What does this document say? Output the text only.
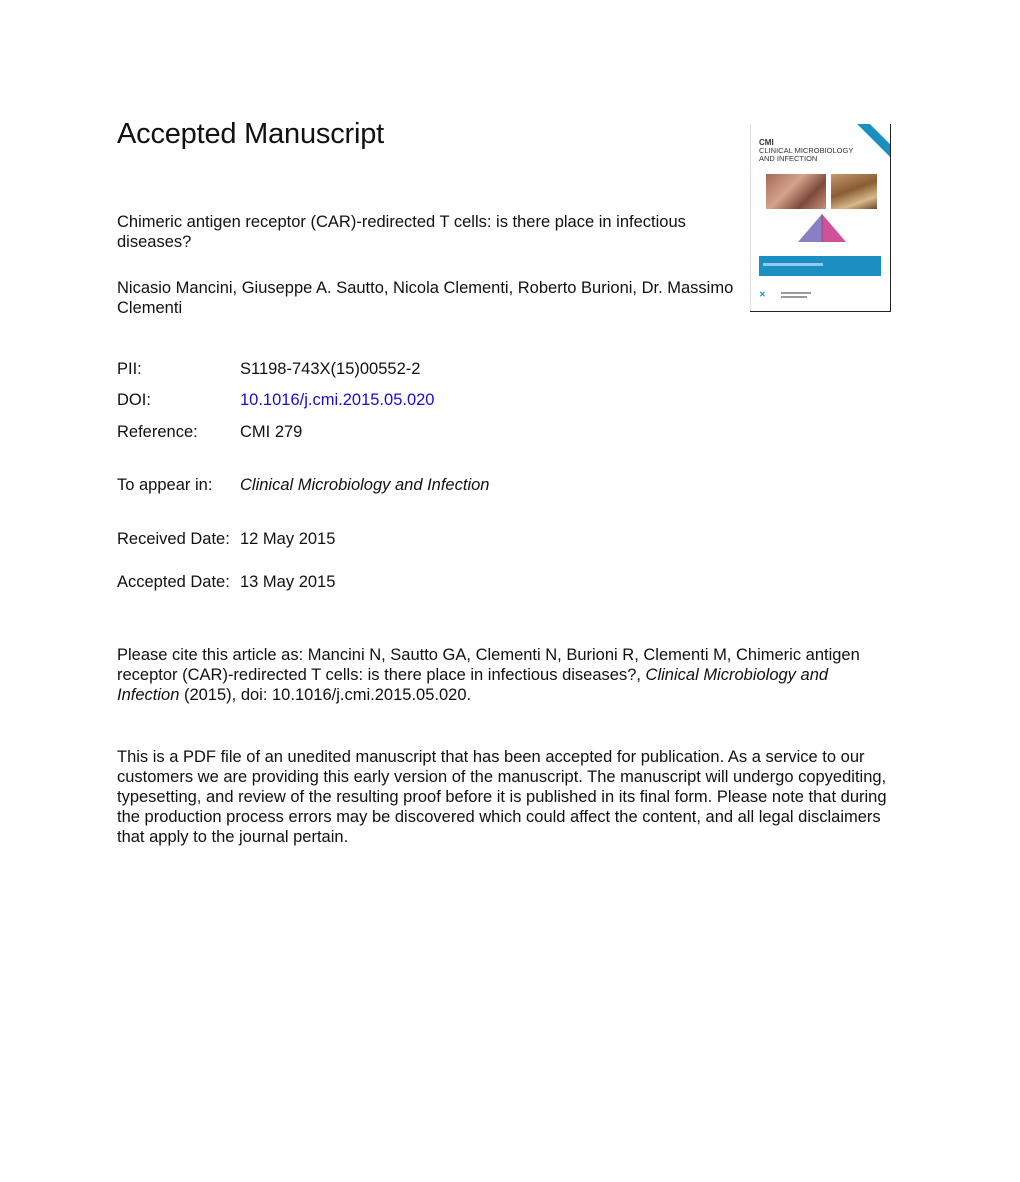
Accepted Manuscript

Chimeric antigen receptor (CAR)-redirected T cells: is there place in infectious diseases?

Nicasio Mancini, Giuseppe A. Sautto, Nicola Clementi, Roberto Burioni, Dr. Massimo Clementi

PII:	S1198-743X(15)00552-2
DOI:	10.1016/j.cmi.2015.05.020
Reference:	CMI 279
To appear in: Clinical Microbiology and Infection
Received Date: 12 May 2015
Accepted Date: 13 May 2015

Please cite this article as: Mancini N, Sautto GA, Clementi N, Burioni R, Clementi M, Chimeric antigen receptor (CAR)-redirected T cells: is there place in infectious diseases?, Clinical Microbiology and Infection (2015), doi: 10.1016/j.cmi.2015.05.020.

This is a PDF file of an unedited manuscript that has been accepted for publication. As a service to our customers we are providing this early version of the manuscript. The manuscript will undergo copyediting, typesetting, and review of the resulting proof before it is published in its final form. Please note that during the production process errors may be discovered which could affect the content, and all legal disclaimers that apply to the journal pertain.

CMI
CLINICAL MICROBIOLOGY AND INFECTION
✕
